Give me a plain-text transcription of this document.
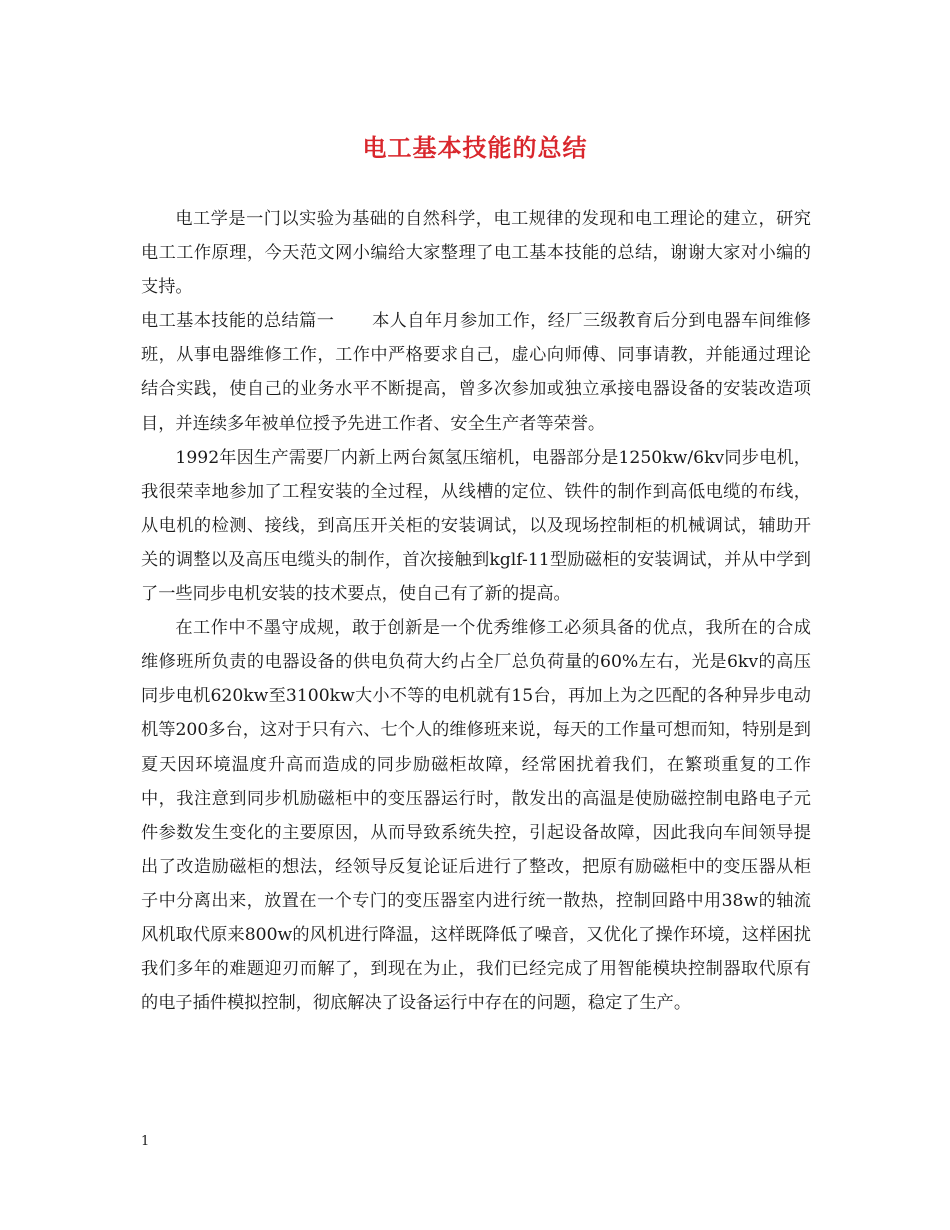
电工基本技能的总结

电工学是一门以实验为基础的自然科学，电工规律的发现和电工理论的建立，研究电工工作原理，今天范文网小编给大家整理了电工基本技能的总结，谢谢大家对小编的支持。

电工基本技能的总结篇一 本人自年月参加工作，经厂三级教育后分到电器车间维修班，从事电器维修工作，工作中严格要求自己，虚心向师傅、同事请教，并能通过理论结合实践，使自己的业务水平不断提高，曾多次参加或独立承接电器设备的安装改造项目，并连续多年被单位授予先进工作者、安全生产者等荣誉。

1992年因生产需要厂内新上两台氮氢压缩机，电器部分是1250kw/6kv同步电机，我很荣幸地参加了工程安装的全过程，从线槽的定位、铁件的制作到高低电缆的布线，从电机的检测、接线，到高压开关柜的安装调试，以及现场控制柜的机械调试，辅助开关的调整以及高压电缆头的制作，首次接触到kglf-11型励磁柜的安装调试，并从中学到了一些同步电机安装的技术要点，使自己有了新的提高。

在工作中不墨守成规，敢于创新是一个优秀维修工必须具备的优点，我所在的合成维修班所负责的电器设备的供电负荷大约占全厂总负荷量的60%左右，光是6kv的高压同步电机620kw至3100kw大小不等的电机就有15台，再加上为之匹配的各种异步电动机等200多台，这对于只有六、七个人的维修班来说，每天的工作量可想而知，特别是到夏天因环境温度升高而造成的同步励磁柜故障，经常困扰着我们，在繁琐重复的工作中，我注意到同步机励磁柜中的变压器运行时，散发出的高温是使励磁控制电路电子元件参数发生变化的主要原因，从而导致系统失控，引起设备故障，因此我向车间领导提出了改造励磁柜的想法，经领导反复论证后进行了整改，把原有励磁柜中的变压器从柜子中分离出来，放置在一个专门的变压器室内进行统一散热，控制回路中用38w的轴流风机取代原来800w的风机进行降温，这样既降低了噪音，又优化了操作环境，这样困扰我们多年的难题迎刃而解了，到现在为止，我们已经完成了用智能模块控制器取代原有的电子插件模拟控制，彻底解决了设备运行中存在的问题，稳定了生产。

1
